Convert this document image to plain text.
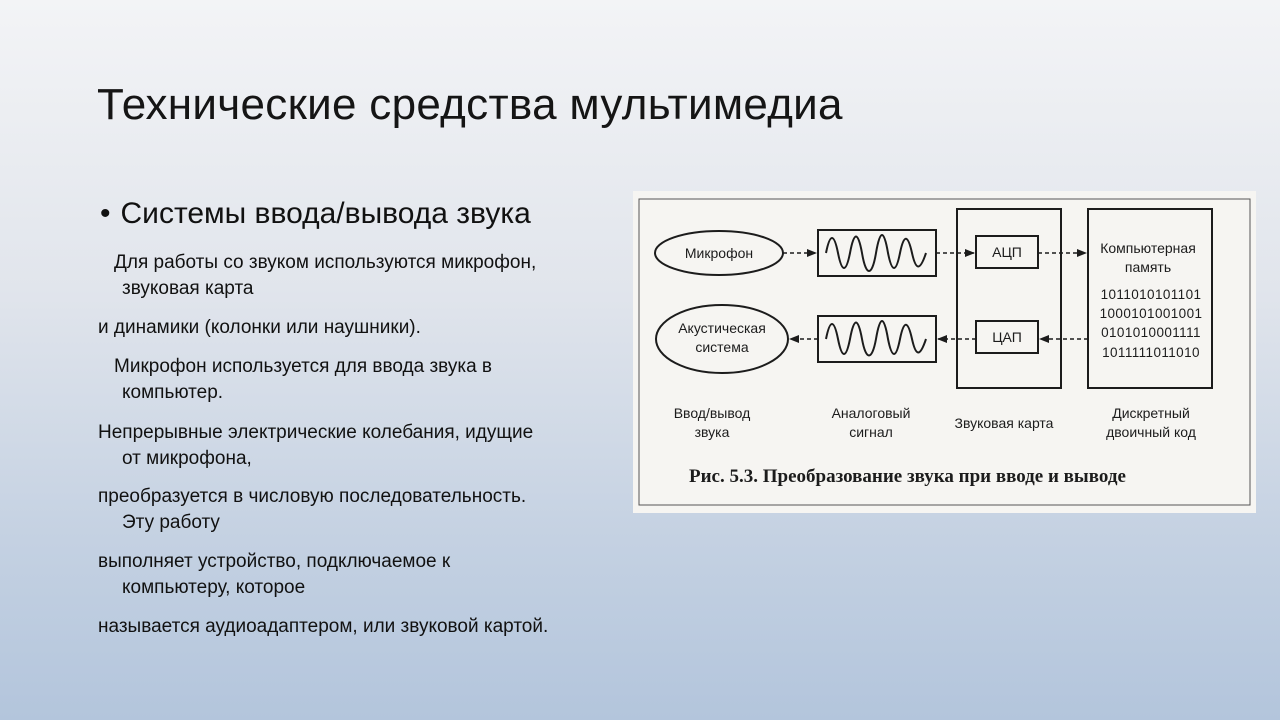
Технические средства мультимедиа
• Системы ввода/вывода звука

Для работы со звуком используются микрофон,
звуковая карта

и динамики (колонки или наушники).

Микрофон используется для ввода звука в
компьютер.

Непрерывные электрические колебания, идущие
от микрофона,

преобразуется в числовую последовательность.
Эту работу

выполняет устройство, подключаемое к
компьютеру, которое

называется аудиоадаптером, или звуковой картой.

Микрофон
Акустическая
система
АЦП
ЦАП
Компьютерная
память
1011010101101
1000101001001
0101010001111
1011111011010
Ввод/вывод
звука
Аналоговый
сигнал
Звуковая карта
Дискретный
двоичный код
Рис. 5.3. Преобразование звука при вводе и выводе
